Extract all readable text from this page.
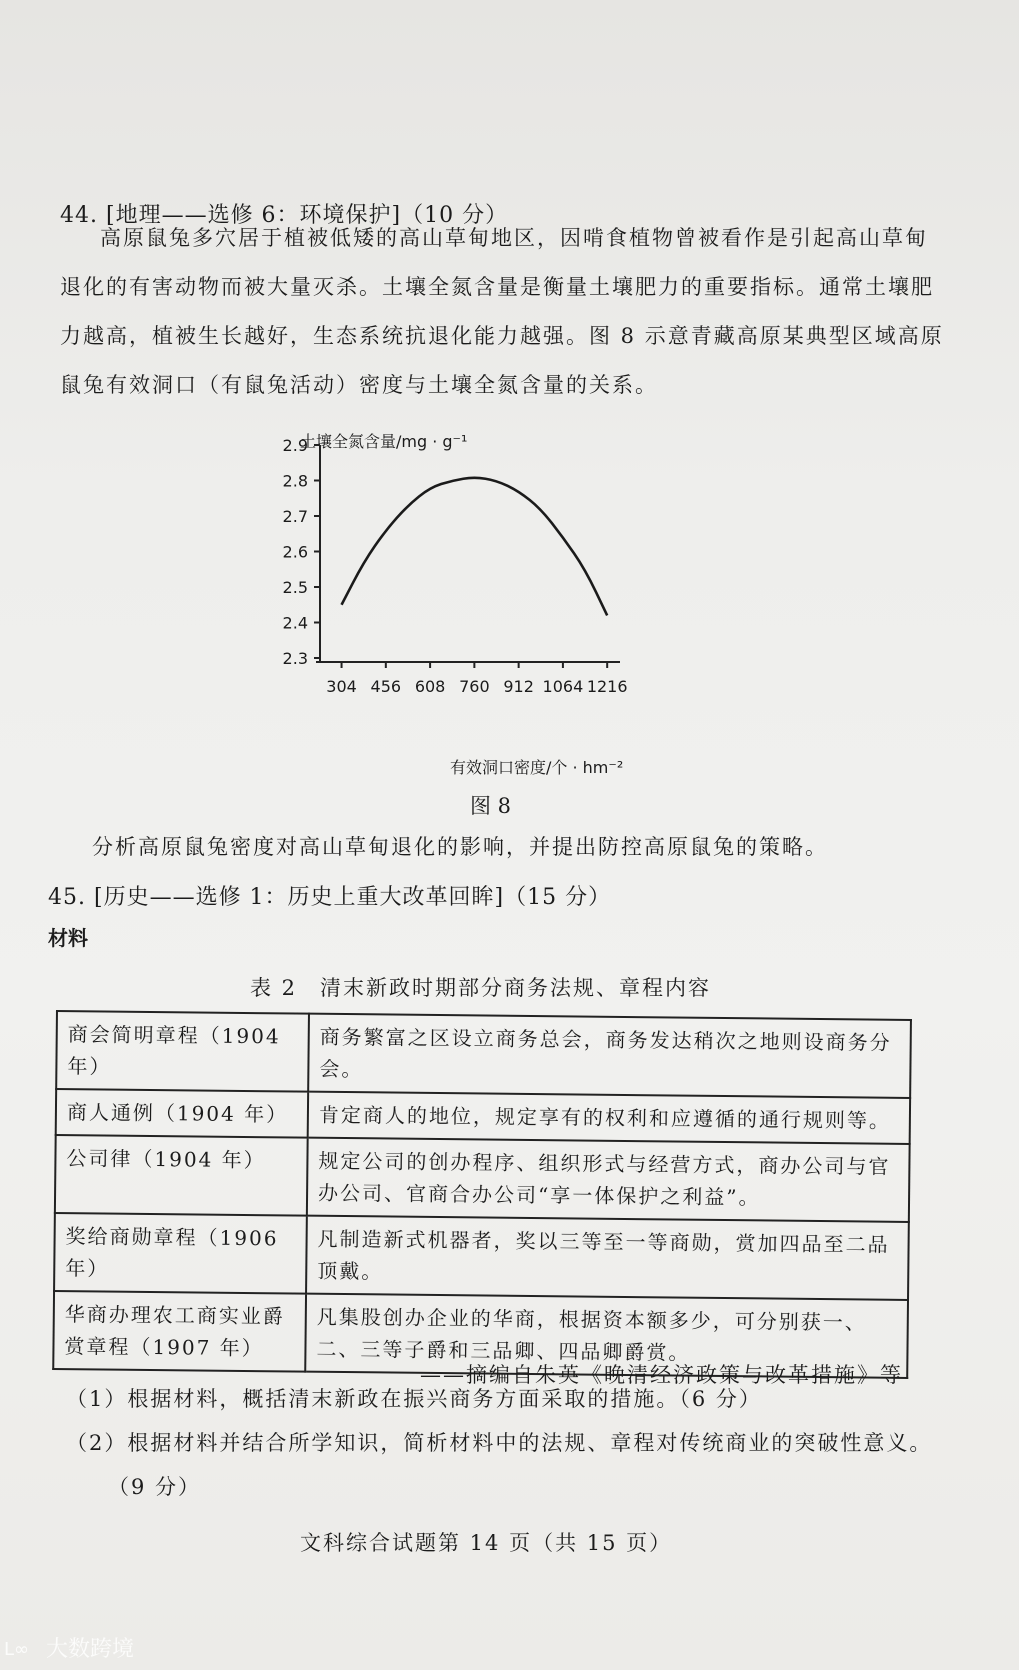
44. [地理——选修 6：环境保护]（10 分）
高原鼠兔多穴居于植被低矮的高山草甸地区，因啃食植物曾被看作是引起高山草甸
退化的有害动物而被大量灭杀。土壤全氮含量是衡量土壤肥力的重要指标。通常土壤肥
力越高，植被生长越好，生态系统抗退化能力越强。图 8 示意青藏高原某典型区域高原
鼠兔有效洞口（有鼠兔活动）密度与土壤全氮含量的关系。
土壤全氮含量/mg · g⁻¹
2.3
2.4
2.5
2.6
2.7
2.8
2.9
304 456 608 760 912 1064 1216
有效洞口密度/个 · hm⁻²
图 8
分析高原鼠兔密度对高山草甸退化的影响，并提出防控高原鼠兔的策略。
45. [历史——选修 1：历史上重大改革回眸]（15 分）
材料
表 2　清末新政时期部分商务法规、章程内容
商会简明章程（1904 年）	商务繁富之区设立商务总会，商务发达稍次之地则设商务分会。
商人通例（1904 年）	肯定商人的地位，规定享有的权利和应遵循的通行规则等。
公司律（1904 年）	规定公司的创办程序、组织形式与经营方式，商办公司与官办公司、官商合办公司“享一体保护之利益”。
奖给商勋章程（1906 年）	凡制造新式机器者，奖以三等至一等商勋，赏加四品至二品顶戴。
华商办理农工商实业爵赏章程（1907 年）	凡集股创办企业的华商，根据资本额多少，可分别获一、二、三等子爵和三品卿、四品卿爵赏。
——摘编自朱英《晚清经济政策与改革措施》等
（1）根据材料，概括清末新政在振兴商务方面采取的措施。（6 分）
（2）根据材料并结合所学知识，简析材料中的法规、章程对传统商业的突破性意义。
（9 分）
文科综合试题第 14 页（共 15 页）
ᒪ∞ 大数跨境
